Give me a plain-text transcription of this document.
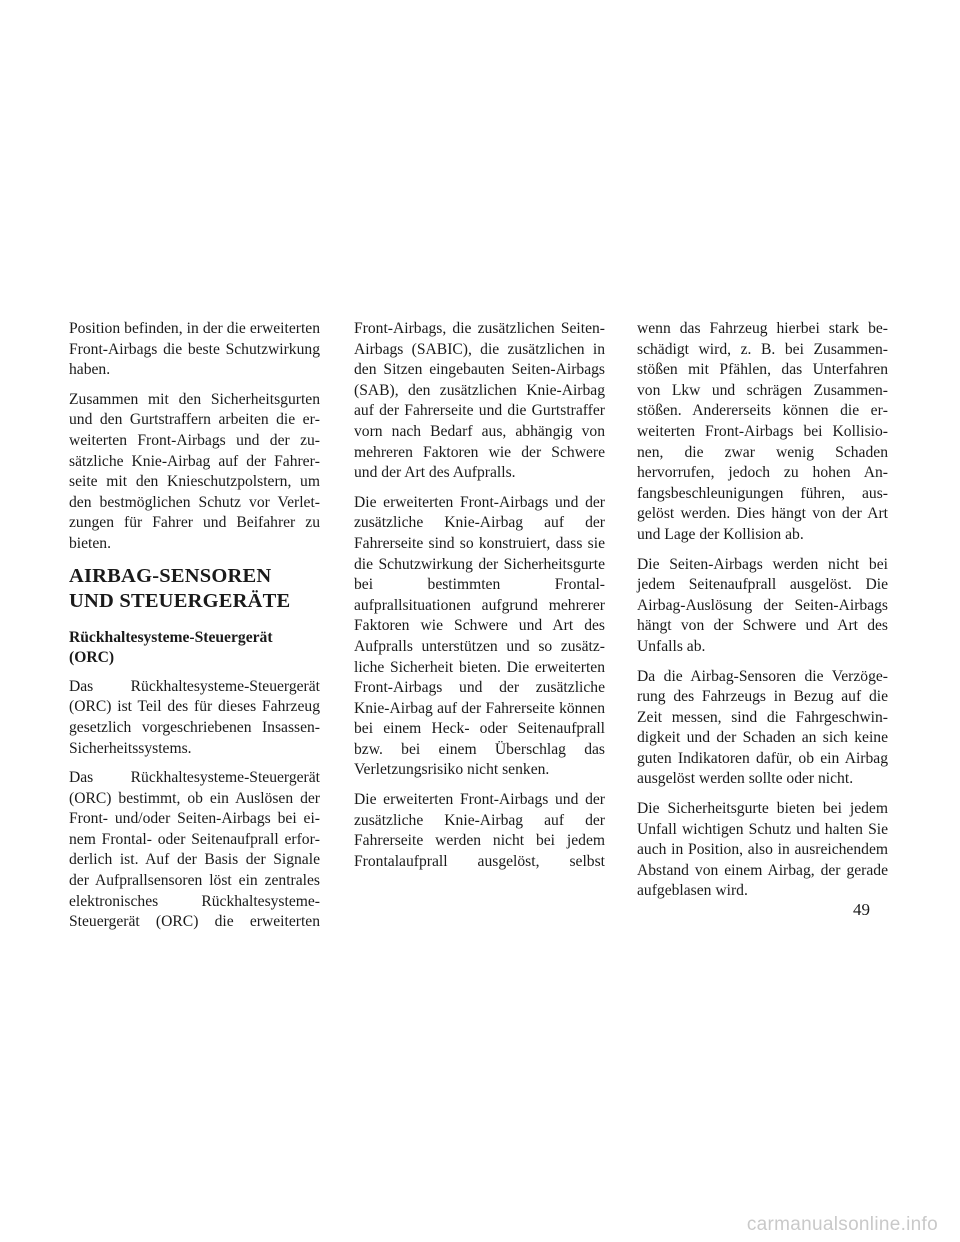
Position befinden, in der die erweiterten Front-Airbags die beste Schutzwirkung haben.

Zusammen mit den Sicherheitsgurten und den Gurtstraffern arbeiten die erweiterten Front-Airbags und der zusätzliche Knie-Airbag auf der Fahrerseite mit den Knieschutzpolstern, um den bestmöglichen Schutz vor Verletzungen für Fahrer und Beifahrer zu bieten.

AIRBAG-SENSOREN UND STEUERGERÄTE
Rückhaltesysteme-Steuergerät (ORC)

Das Rückhaltesysteme-Steuergerät (ORC) ist Teil des für dieses Fahrzeug gesetzlich vorgeschriebenen Insassen-Sicherheitssystems.

Das Rückhaltesysteme-Steuergerät (ORC) bestimmt, ob ein Auslösen der Front- und/oder Seiten-Airbags bei einem Frontal- oder Seitenaufprall erforderlich ist. Auf der Basis der Signale der Aufprallsensoren löst ein zentrales elektronisches Rückhaltesysteme-Steuergerät (ORC) die erweiterten

Front-Airbags, die zusätzlichen Seiten-Airbags (SABIC), die zusätzlichen in den Sitzen eingebauten Seiten-Airbags (SAB), den zusätzlichen Knie-Airbag auf der Fahrerseite und die Gurtstraffer vorn nach Bedarf aus, abhängig von mehreren Faktoren wie der Schwere und der Art des Aufpralls.

Die erweiterten Front-Airbags und der zusätzliche Knie-Airbag auf der Fahrerseite sind so konstruiert, dass sie die Schutzwirkung der Sicherheitsgurte bei bestimmten Frontalaufprallsituationen aufgrund mehrerer Faktoren wie Schwere und Art des Aufpralls unterstützen und so zusätzliche Sicherheit bieten. Die erweiterten Front-Airbags und der zusätzliche Knie-Airbag auf der Fahrerseite können bei einem Heck- oder Seitenaufprall bzw. bei einem Überschlag das Verletzungsrisiko nicht senken.

Die erweiterten Front-Airbags und der zusätzliche Knie-Airbag auf der Fahrerseite werden nicht bei jedem Frontalaufprall ausgelöst, selbst

wenn das Fahrzeug hierbei stark beschädigt wird, z. B. bei Zusammenstößen mit Pfählen, das Unterfahren von Lkw und schrägen Zusammenstößen. Andererseits können die erweiterten Front-Airbags bei Kollisionen, die zwar wenig Schaden hervorrufen, jedoch zu hohen Anfangsbeschleunigungen führen, ausgelöst werden. Dies hängt von der Art und Lage der Kollision ab.

Die Seiten-Airbags werden nicht bei jedem Seitenaufprall ausgelöst. Die Airbag-Auslösung der Seiten-Airbags hängt von der Schwere und Art des Unfalls ab.

Da die Airbag-Sensoren die Verzögerung des Fahrzeugs in Bezug auf die Zeit messen, sind die Fahrgeschwindigkeit und der Schaden an sich keine guten Indikatoren dafür, ob ein Airbag ausgelöst werden sollte oder nicht.

Die Sicherheitsgurte bieten bei jedem Unfall wichtigen Schutz und halten Sie auch in Position, also in ausreichendem Abstand von einem Airbag, der gerade aufgeblasen wird.

49
carmanualsonline.info
